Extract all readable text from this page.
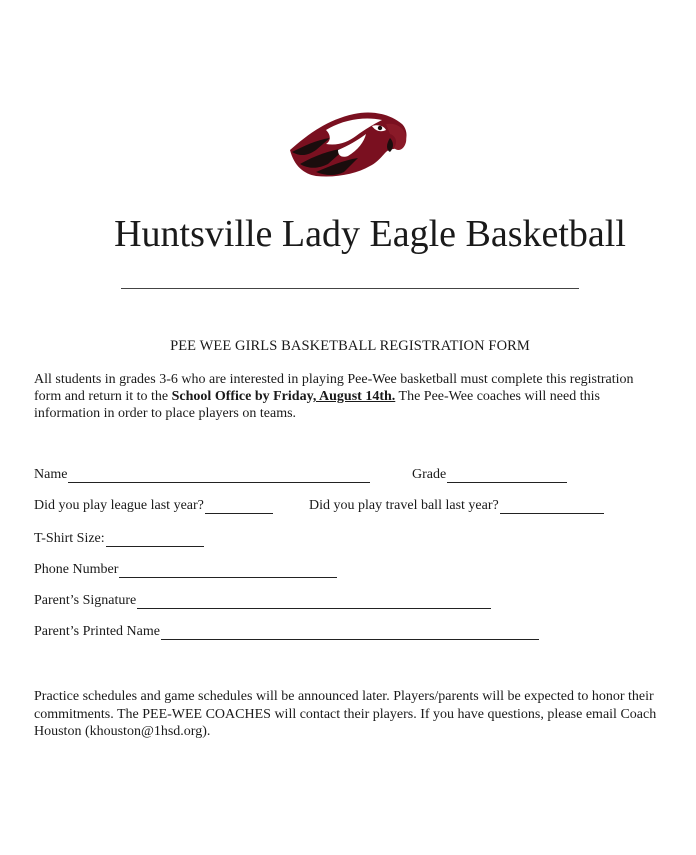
Huntsville Lady Eagle Basketball
PEE WEE GIRLS BASKETBALL REGISTRATION FORM
All students in grades 3-6 who are interested in playing Pee-Wee basketball must complete this registration form and return it to the School Office by Friday, August 14th. The Pee-Wee coaches will need this information in order to place players on teams.
Name	Grade
Did you play league last year?	Did you play travel ball last year?
T-Shirt Size:
Phone Number
Parent’s Signature
Parent’s Printed Name
Practice schedules and game schedules will be announced later. Players/parents will be expected to honor their commitments. The PEE-WEE COACHES will contact their players. If you have questions, please email Coach Houston (khouston@1hsd.org).
